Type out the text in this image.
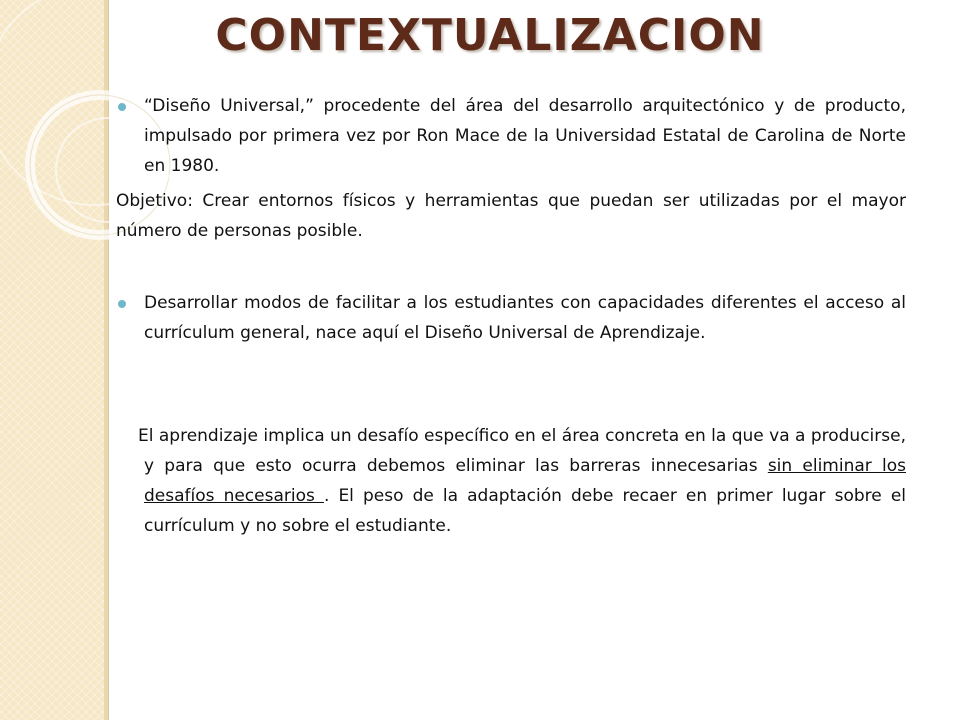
CONTEXTUALIZACION

“Diseño Universal,” procedente del área del desarrollo arquitectónico y de producto, impulsado por primera vez por Ron Mace de la Universidad Estatal de Carolina de Norte en 1980.

Objetivo: Crear entornos físicos y herramientas que puedan ser utilizadas por el mayor número de personas posible.

Desarrollar modos de facilitar a los estudiantes con capacidades diferentes el acceso al currículum general, nace aquí el Diseño Universal de Aprendizaje.

El aprendizaje implica un desafío específico en el área concreta en la que va a producirse, y para que esto ocurra debemos eliminar las barreras innecesarias sin eliminar los desafíos necesarios . El peso de la adaptación debe recaer en primer lugar sobre el currículum y no sobre el estudiante.
